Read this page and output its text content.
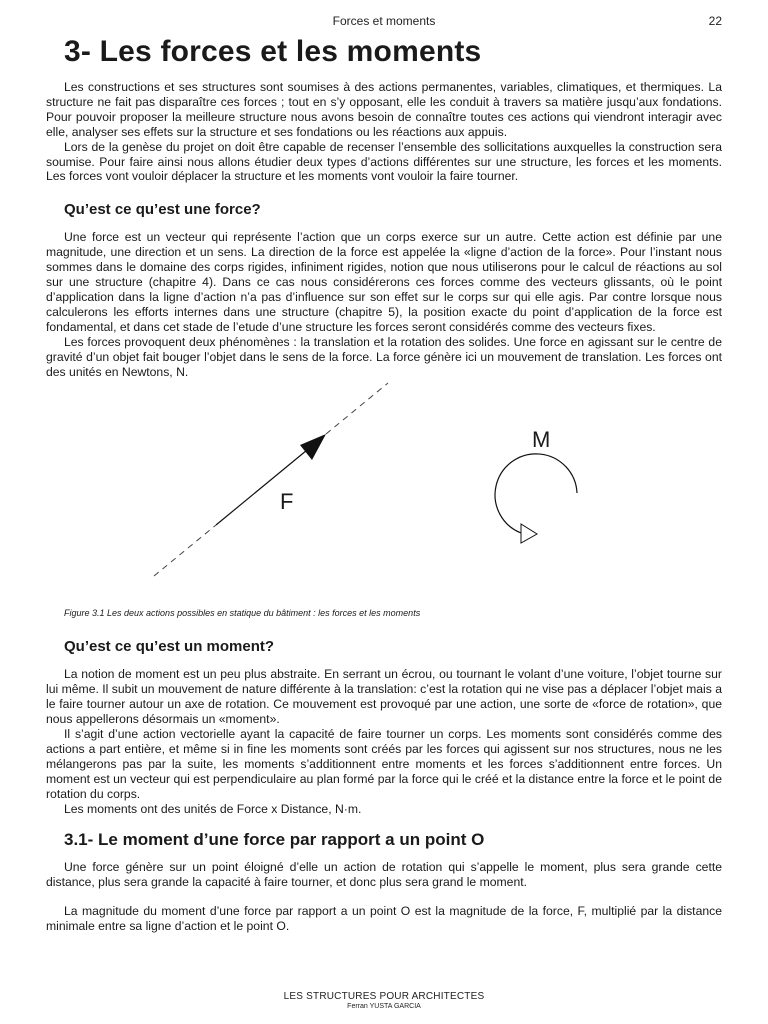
Forces et moments	22
3- Les forces et les moments

Les constructions et ses structures sont soumises à des actions permanentes, variables, climatiques, et thermiques. La structure ne fait pas disparaître ces forces ; tout en s’y opposant, elle les conduit à travers sa matière jusqu’aux fondations. Pour pouvoir proposer la meilleure structure nous avons besoin de connaître toutes ces actions qui viendront interagir avec elle, analyser ses effets sur la structure et ses fondations ou les réactions aux appuis.

Lors de la genèse du projet on doit être capable de recenser l’ensemble des sollicitations auxquelles la construction sera soumise. Pour faire ainsi nous allons étudier deux types d’actions différentes sur une structure, les forces et les moments. Les forces vont vouloir déplacer la structure et les moments vont vouloir la faire tourner.

Qu’est ce qu’est une force?

Une force est un vecteur qui représente l’action que un corps exerce sur un autre. Cette action est définie par une magnitude, une direction et un sens. La direction de la force est appelée la «ligne d’action de la force». Pour l’instant nous sommes dans le domaine des corps rigides, infiniment rigides, notion que nous utiliserons pour le calcul de réactions au sol sur une structure (chapitre 4). Dans ce cas nous considérerons ces forces comme des vecteurs glissants, où le point d’application dans la ligne d’action n’a pas d’influence sur son effet sur le corps sur qui elle agis. Par contre lorsque nous calculerons les efforts internes dans une structure (chapitre 5), la position exacte du point d’application de la force est fondamental, et dans cet stade de l’etude d’une structure les forces seront considérés comme des vecteurs fixes.

Les forces provoquent deux phénomènes : la translation et la rotation des solides. Une force en agissant sur le centre de gravité d’un objet fait bouger l’objet dans le sens de la force. La force génère ici un mouvement de translation. Les forces ont des unités en Newtons, N.

F
M
Figure 3.1 Les deux actions possibles en statique du bâtiment : les forces et les moments
Qu’est ce qu’est un moment?

La notion de moment est un peu plus abstraite. En serrant un écrou, ou tournant le volant d’une voiture, l’objet tourne sur lui même. Il subit un mouvement de nature différente à la translation: c’est la rotation qui ne vise pas a déplacer l’objet mais a le faire tourner autour un axe de rotation. Ce mouvement est provoqué par une action, une sorte de «force de rotation», que nous appellerons désormais un «moment».

Il s’agit d’une action vectorielle ayant la capacité de faire tourner un corps. Les moments sont considérés comme des actions a part entière, et même si in fine les moments sont créés par les forces qui agissent sur nos structures, nous ne les mélangerons pas par la suite, les moments s’additionnent entre moments et les forces s’additionnent entre forces. Un moment est un vecteur qui est perpendiculaire au plan formé par la force qui le créé et la distance entre la force et le point de rotation du corps.

Les moments ont des unités de Force x Distance, N·m.

3.1- Le moment d’une force par rapport a un point O

Une force génère sur un point éloigné d’elle un action de rotation qui s’appelle le moment, plus sera grande cette distance, plus sera grande la capacité à faire tourner, et donc plus sera grand le moment.

La magnitude du moment d’une force par rapport a un point O est la magnitude de la force, F, multiplié par la distance minimale entre sa ligne d’action et le point O.

LES STRUCTURES POUR ARCHITECTES
Ferran YUSTA GARCIA
